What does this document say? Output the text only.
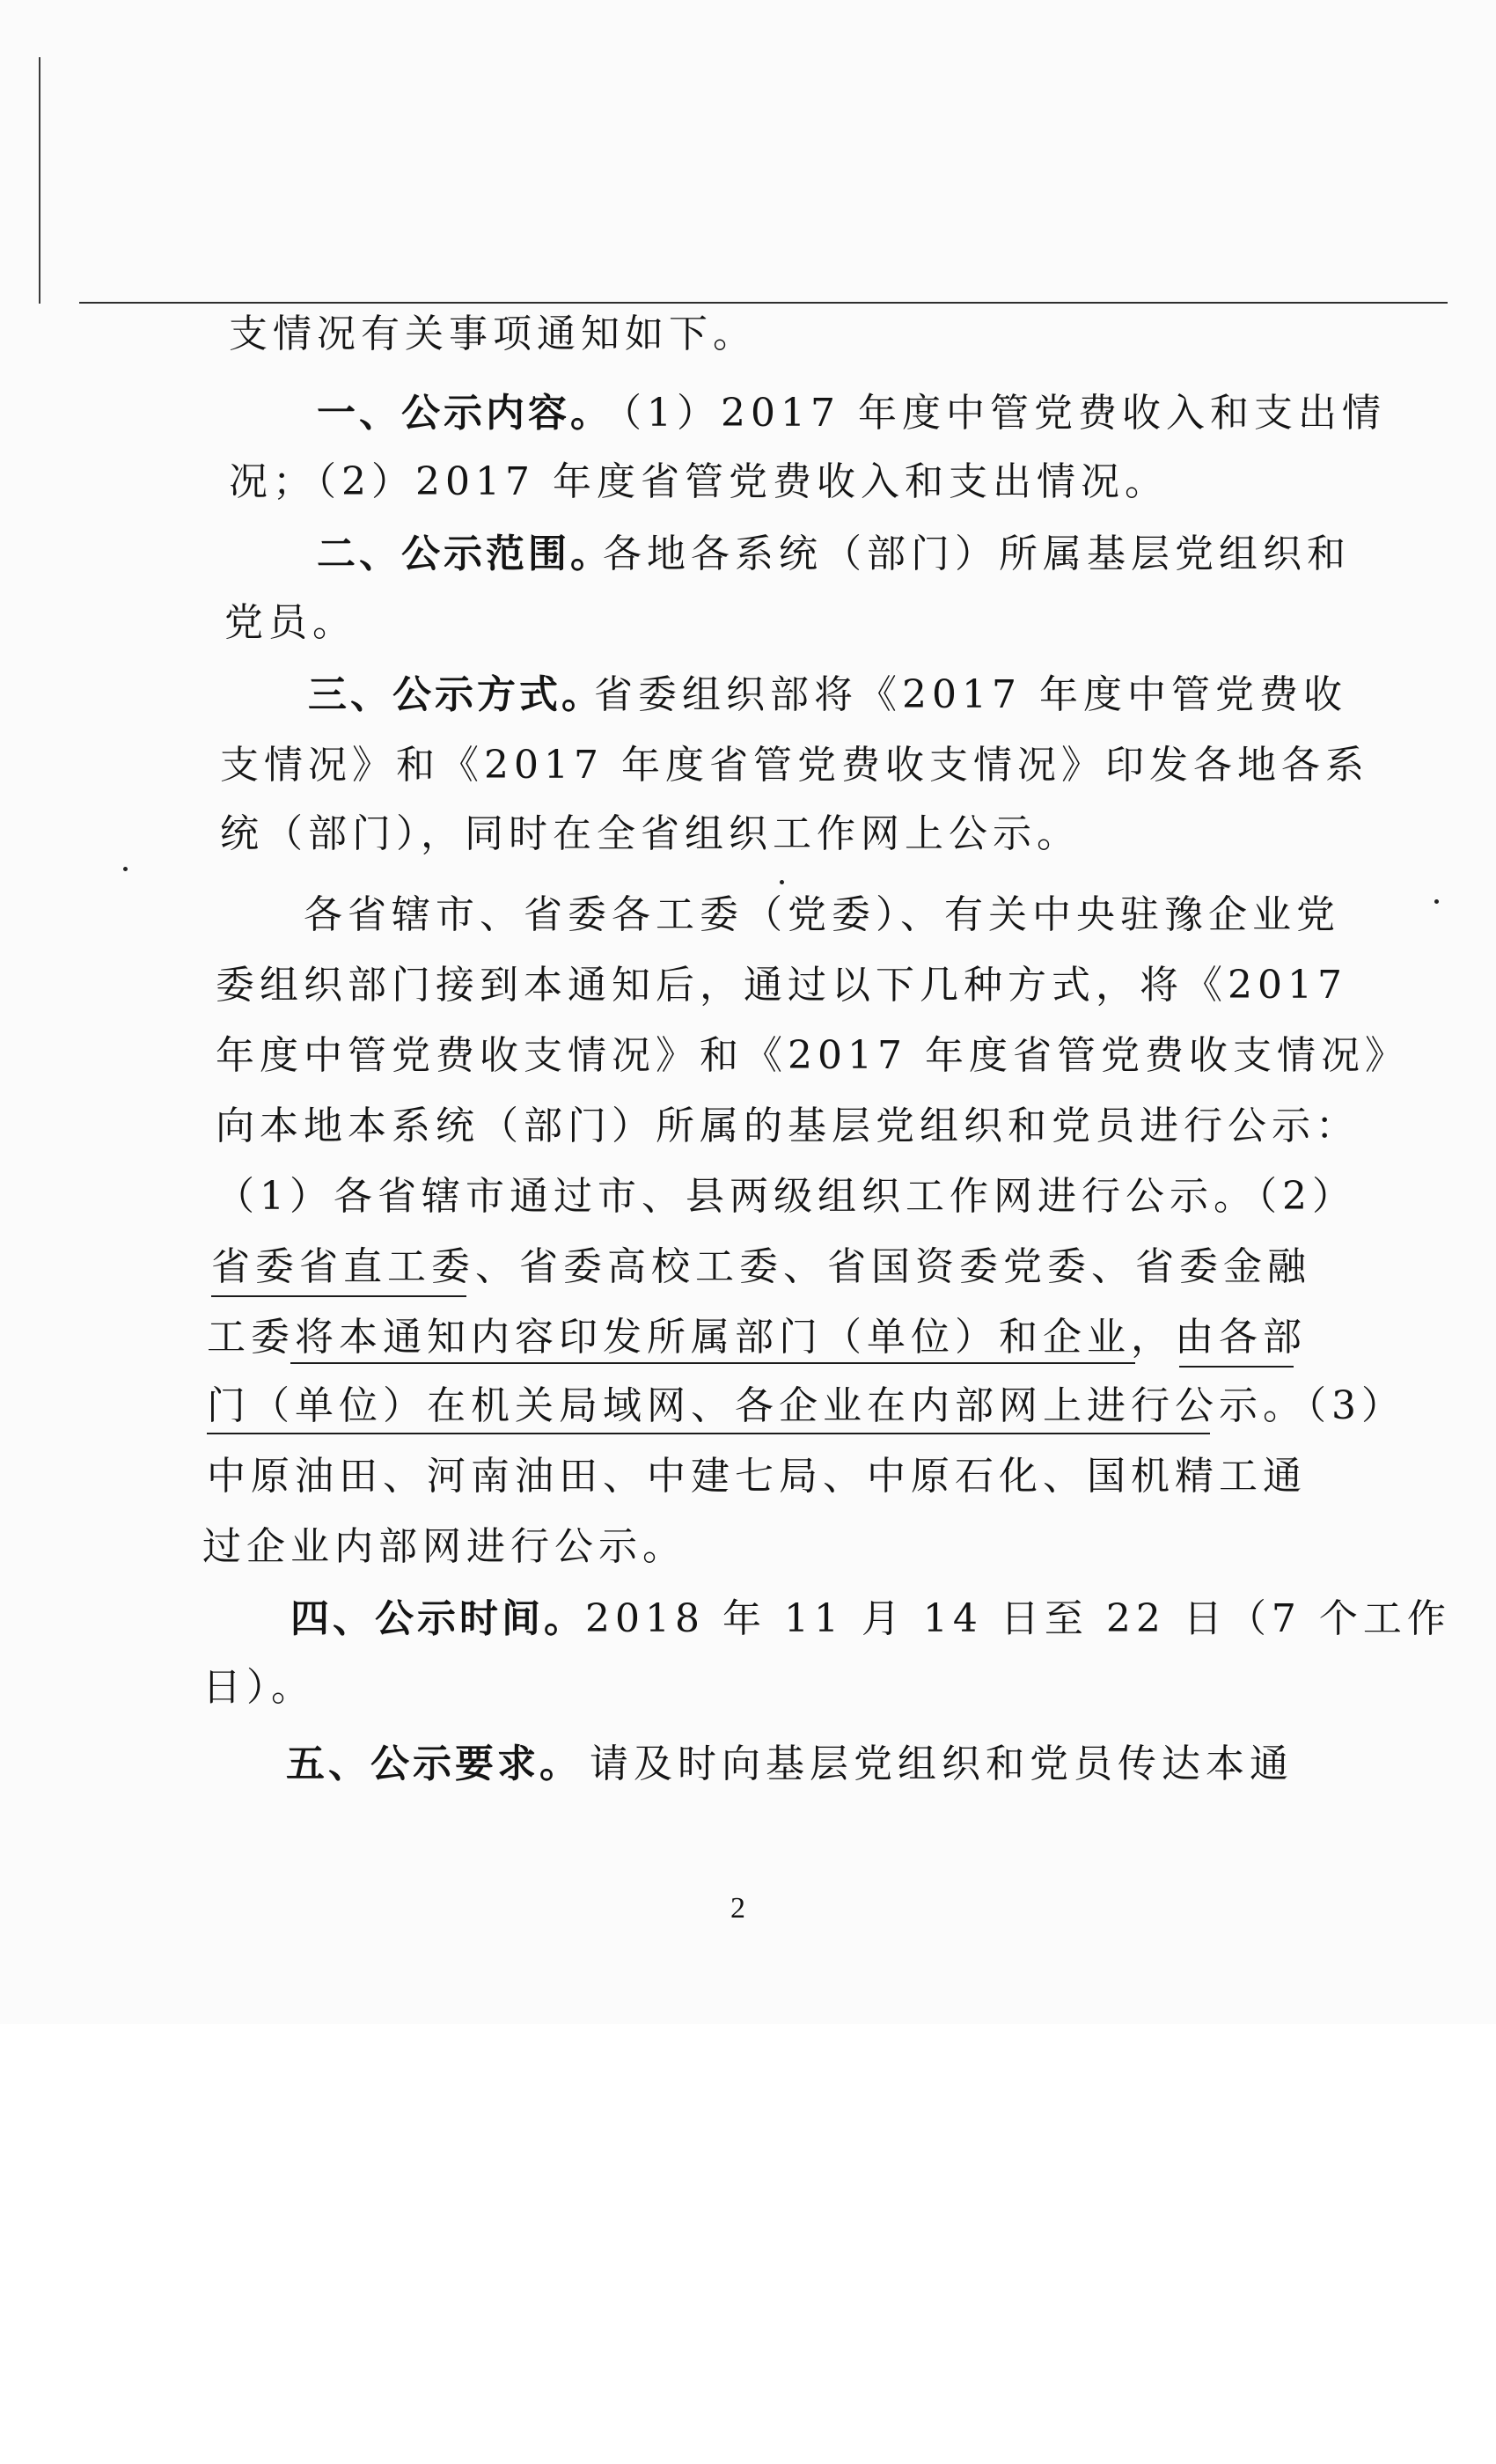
支情况有关事项通知如下。
一、公示内容。
（1）2017 年度中管党费收入和支出情
况；（2）2017 年度省管党费收入和支出情况。
二、公示范围。
各地各系统（部门）所属基层党组织和
党员。
三、公示方式。
省委组织部将《2017 年度中管党费收
支情况》和《2017 年度省管党费收支情况》印发各地各系
统（部门），同时在全省组织工作网上公示。
各省辖市、省委各工委（党委）、有关中央驻豫企业党
委组织部门接到本通知后，通过以下几种方式，将《2017
年度中管党费收支情况》和《2017 年度省管党费收支情况》
向本地本系统（部门）所属的基层党组织和党员进行公示：
（1）各省辖市通过市、县两级组织工作网进行公示。（2）
省委省直工委、省委高校工委、省国资委党委、省委金融
工委将本通知内容印发所属部门（单位）和企业，由各部
门（单位）在机关局域网、各企业在内部网上进行公示。（3）
中原油田、河南油田、中建七局、中原石化、国机精工通
过企业内部网进行公示。
四、公示时间。 2018 年 11 月 14 日至 22 日（7 个工作
日）。
五、公示要求。 请及时向基层党组织和党员传达本通
2
